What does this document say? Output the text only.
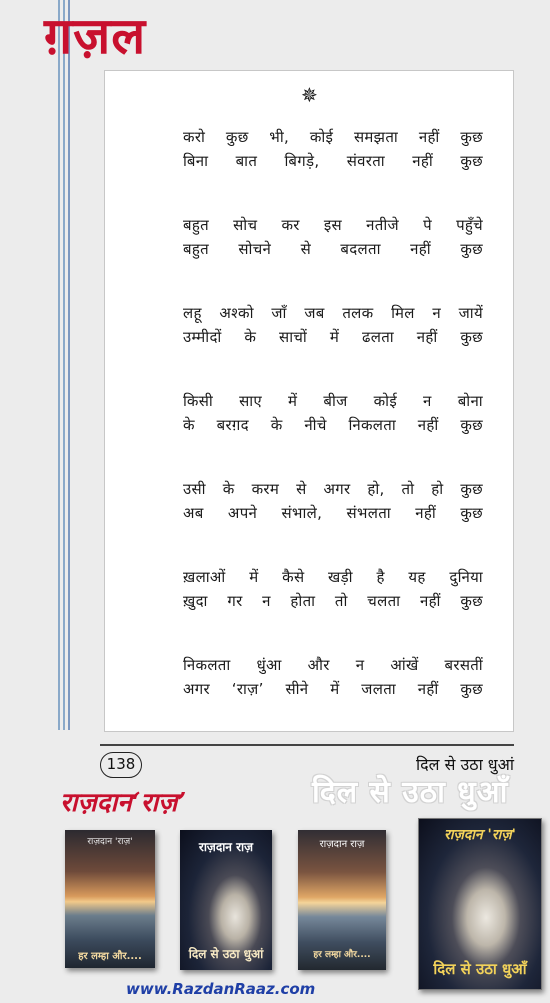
ग़ज़ल
✵
करो कुछ भी, कोई समझता नहीं कुछ
बिना बात बिगड़े, संवरता नहीं कुछ
बहुत सोच कर इस नतीजे पे पहुँचे
बहुत सोचने से बदलता नहीं कुछ
लहू अश्को जाँ जब तलक मिल न जायें
उम्मीदों के साचों में ढलता नहीं कुछ
किसी साए में बीज कोई न बोना
के बरग़द के नीचे निकलता नहीं कुछ
उसी के करम से अगर हो, तो हो कुछ
अब अपने संभाले, संभलता नहीं कुछ
ख़लाओं में कैसे खड़ी है यह दुनिया
ख़ुदा गर न होता तो चलता नहीं कुछ
निकलता धुंआ और न आंखें बरसतीं
अगर ‘राज़’ सीने में जलता नहीं कुछ
138	दिल से उठा धुआं
दिल से उठा धुआँ
राज़दान‘राज़’
राज़दान 'राज़'
हर लम्हा और....
राज़दान राज़
दिल से उठा धुआं
राज़दान राज़
हर लम्हा और....
राज़दान 'राज़'
दिल से उठा धुआँ
www.RazdanRaaz.com
